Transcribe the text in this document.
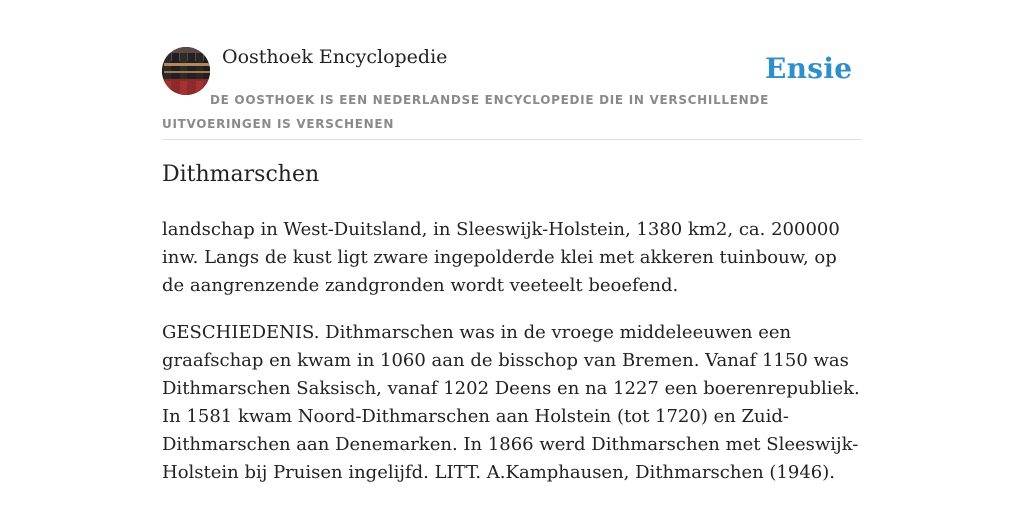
Oosthoek Encyclopedie	Ensie

DE OOSTHOEK IS EEN NEDERLANDSE ENCYCLOPEDIE DIE IN VERSCHILLENDE UITVOERINGEN IS VERSCHENEN

Dithmarschen

landschap in West-Duitsland, in Sleeswijk-Holstein, 1380 km2, ca. 200000 inw. Langs de kust ligt zware ingepolderde klei met akkeren tuinbouw, op de aangrenzende zandgronden wordt veeteelt beoefend.

GESCHIEDENIS. Dithmarschen was in de vroege middeleeuwen een graafschap en kwam in 1060 aan de bisschop van Bremen. Vanaf 1150 was Dithmarschen Saksisch, vanaf 1202 Deens en na 1227 een boerenrepubliek. In 1581 kwam Noord-Dithmarschen aan Holstein (tot 1720) en Zuid-Dithmarschen aan Denemarken. In 1866 werd Dithmarschen met Sleeswijk-Holstein bij Pruisen ingelijfd. LITT. A.Kamphausen, Dithmarschen (1946).
